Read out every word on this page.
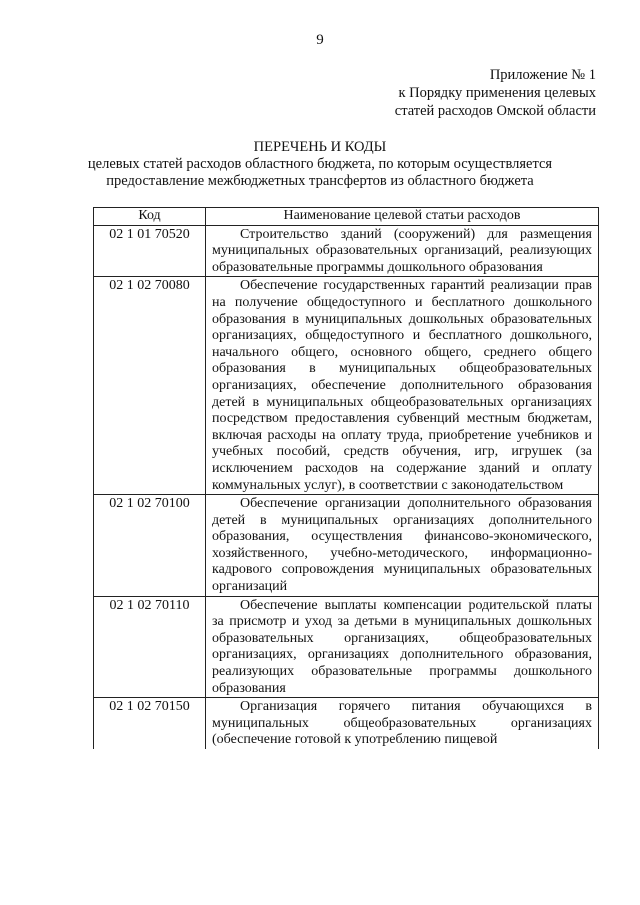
9
Приложение № 1
к Порядку применения целевых
статей расходов Омской области
ПЕРЕЧЕНЬ И КОДЫ
целевых статей расходов областного бюджета, по которым осуществляется
предоставление межбюджетных трансфертов из областного бюджета
Код	Наименование целевой статьи расходов
02 1 01 70520	Строительство зданий (сооружений) для размещения муниципальных образовательных организаций, реализующих образовательные программы дошкольного образования
02 1 02 70080	Обеспечение государственных гарантий реализации прав на получение общедоступного и бесплатного дошкольного образования в муниципальных дошкольных образовательных организациях, общедоступного и бесплатного дошкольного, начального общего, основного общего, среднего общего образования в муниципальных общеобразовательных организациях, обеспечение дополнительного образования детей в муниципальных общеобразовательных организациях посредством предоставления субвенций местным бюджетам, включая расходы на оплату труда, приобретение учебников и учебных пособий, средств обучения, игр, игрушек (за исключением расходов на содержание зданий и оплату коммунальных услуг), в соответствии с законодательством
02 1 02 70100	Обеспечение организации дополнительного образования детей в муниципальных организациях дополнительного образования, осуществления финансово-экономического, хозяйственного, учебно-методического, информационно-кадрового сопровождения муниципальных образовательных организаций
02 1 02 70110	Обеспечение выплаты компенсации родительской платы за присмотр и уход за детьми в муниципальных дошкольных образовательных организациях, общеобразовательных организациях, организациях дополнительного образования, реализующих образовательные программы дошкольного образования
02 1 02 70150	Организация горячего питания обучающихся в муниципальных общеобразовательных организациях (обеспечение готовой к употреблению пищевой
